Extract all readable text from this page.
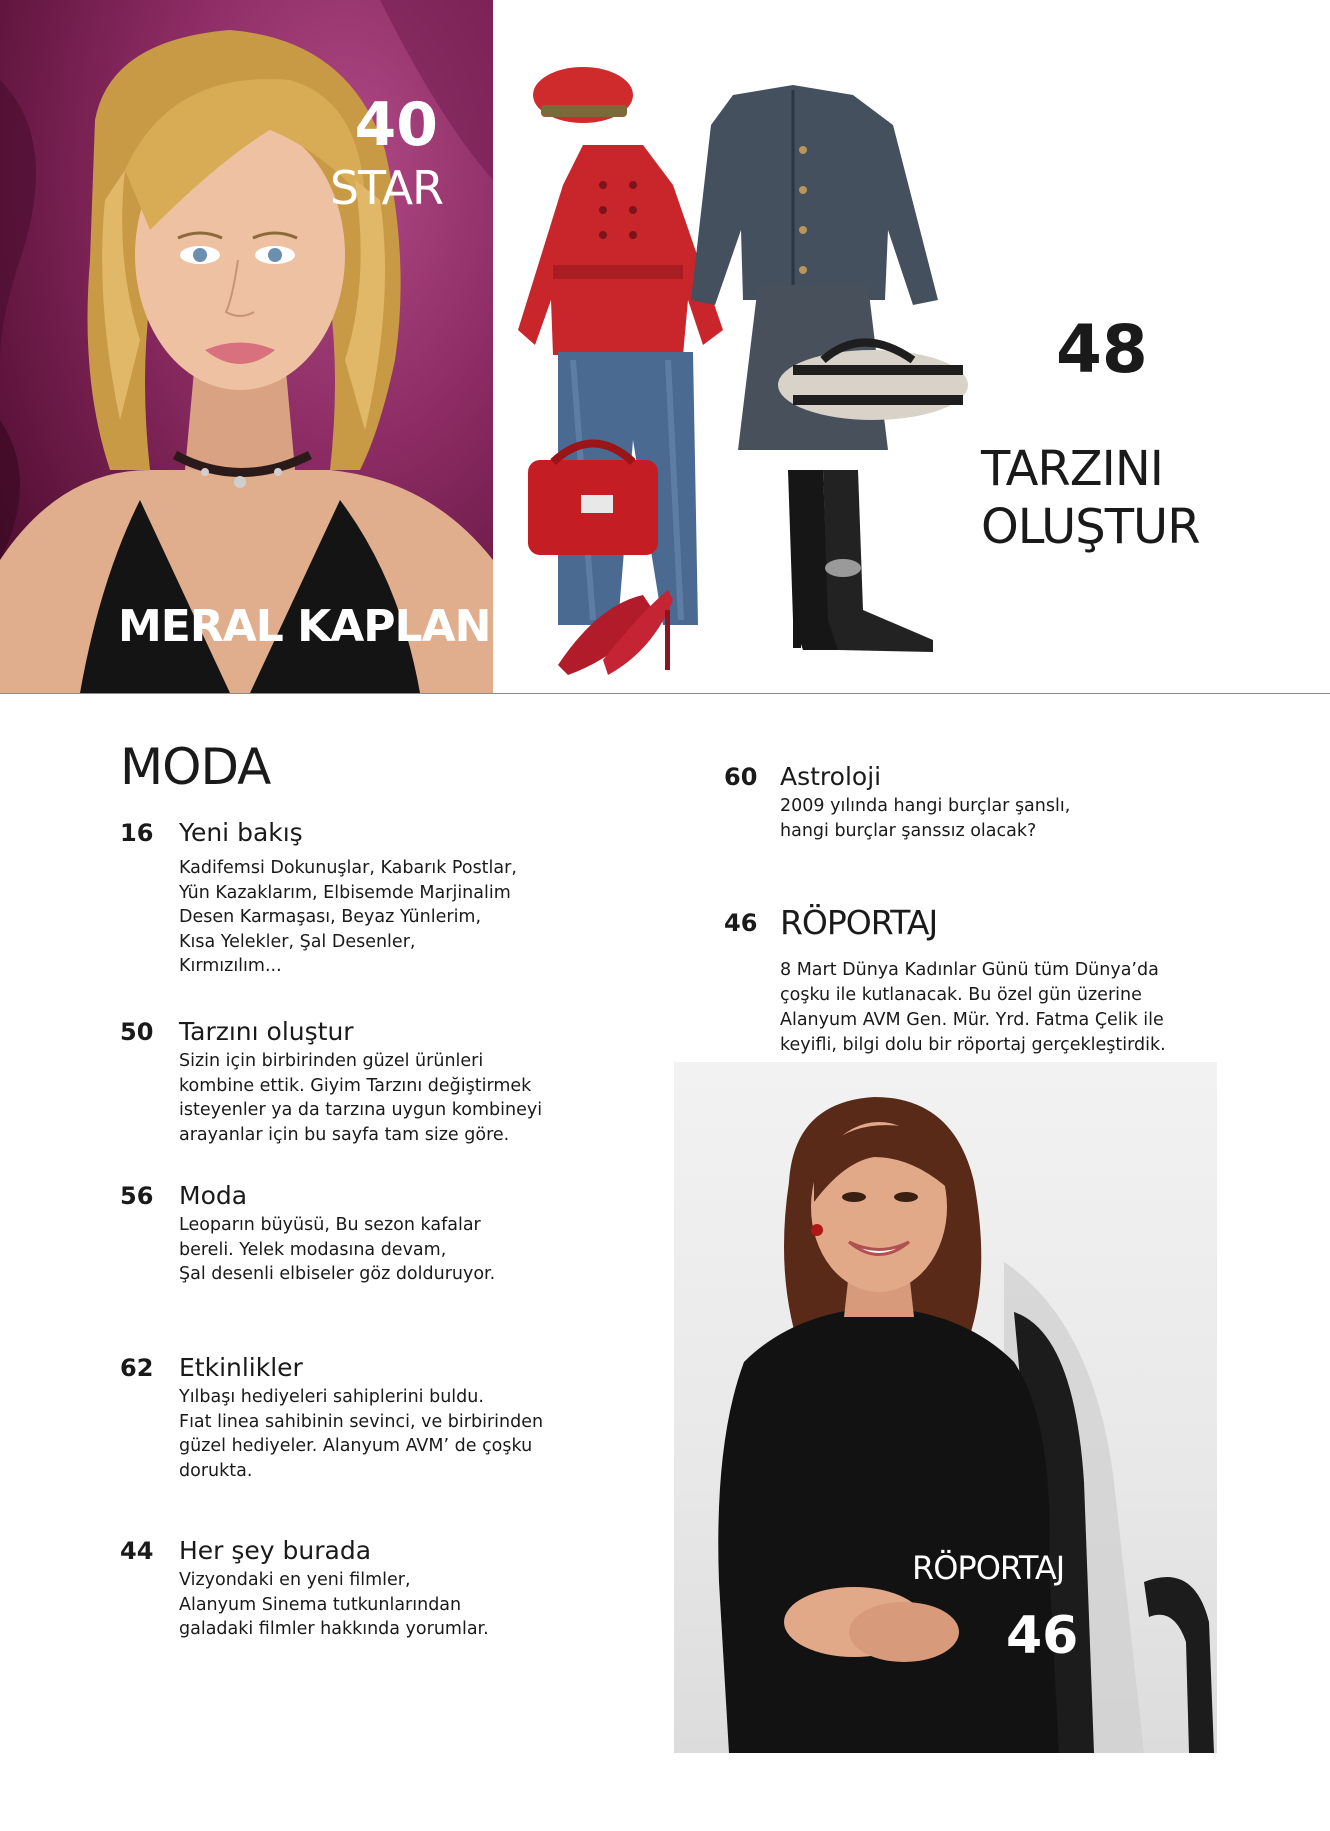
40
STAR
MERAL KAPLAN
48
TARZINI
OLUŞTUR
MODA
16 Yeni bakış
Kadifemsi Dokunuşlar, Kabarık Postlar,
Yün Kazaklarım, Elbisemde Marjinalim
Desen Karmaşası, Beyaz Yünlerim,
Kısa Yelekler, Şal Desenler,
Kırmızılım...
50 Tarzını oluştur
Sizin için birbirinden güzel ürünleri
kombine ettik. Giyim Tarzını değiştirmek
isteyenler ya da tarzına uygun kombineyi
arayanlar için bu sayfa tam size göre.
56 Moda
Leoparın büyüsü, Bu sezon kafalar
bereli. Yelek modasına devam,
Şal desenli elbiseler göz dolduruyor.
62 Etkinlikler
Yılbaşı hediyeleri sahiplerini buldu.
Fıat linea sahibinin sevinci, ve birbirinden
güzel hediyeler. Alanyum AVM’ de çoşku
dorukta.
44 Her şey burada
Vizyondaki en yeni filmler,
Alanyum Sinema tutkunlarından
galadaki filmler hakkında yorumlar.
60 Astroloji
2009 yılında hangi burçlar şanslı,
hangi burçlar şanssız olacak?
46 RÖPORTAJ
8 Mart Dünya Kadınlar Günü tüm Dünya’da
çoşku ile kutlanacak. Bu özel gün üzerine
Alanyum AVM Gen. Mür. Yrd. Fatma Çelik ile
keyifli, bilgi dolu bir röportaj gerçekleştirdik.
RÖPORTAJ
46
